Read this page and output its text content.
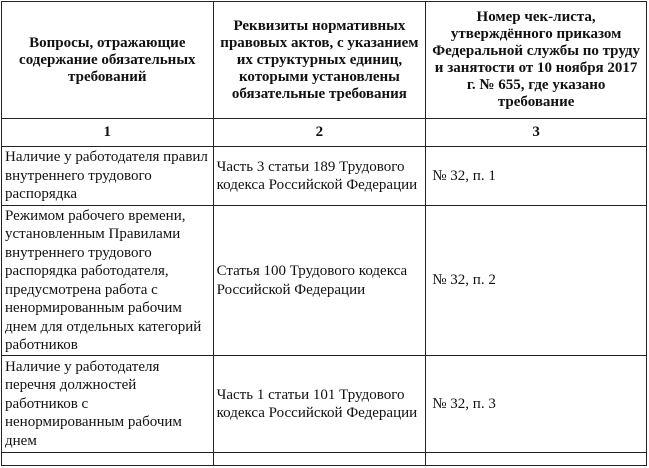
Вопросы, отражающие содержание обязательных требований	Реквизиты нормативных правовых актов, с указанием их структурных единиц, которыми установлены обязательные требования	Номер чек-листа, утверждённого приказом Федеральной службы по труду и занятости от 10 ноября 2017 г. № 655, где указано требование

1	2	3
Наличие у работодателя правил внутреннего трудового распорядка	Часть 3 статьи 189 Трудового кодекса Российской Федерации	№ 32, п. 1
Режимом рабочего времени, установленным Правилами внутреннего трудового распорядка работодателя, предусмотрена работа с ненормированным рабочим днем для отдельных категорий работников	Статья 100 Трудового кодекса Российской Федерации	№ 32, п. 2
Наличие у работодателя перечня должностей работников с ненормированным рабочим днем	Часть 1 статьи 101 Трудового кодекса Российской Федерации	№ 32, п. 3
